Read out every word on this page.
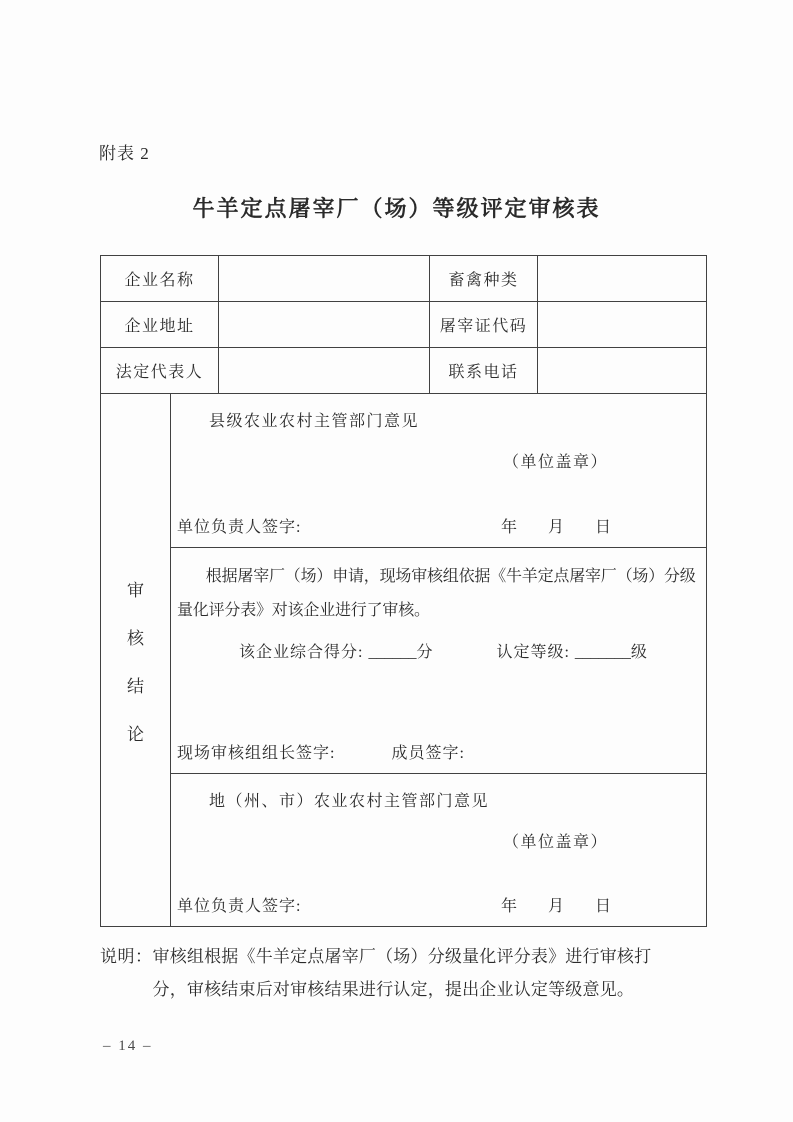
附表 2
牛羊定点屠宰厂（场）等级评定审核表
企业名称	畜禽种类
企业地址	屠宰证代码
法定代表人	联系电话
审
核
结
论
县级农业农村主管部门意见
（单位盖章）
单位负责人签字:	年      月      日

根据屠宰厂（场）申请，现场审核组依据《牛羊定点屠宰厂（场）分级量化评分表》对该企业进行了审核。

该企业综合得分: ______分	认定等级: _______级
现场审核组组长签字:	成员签字:
地（州、市）农业农村主管部门意见
（单位盖章）
单位负责人签字:	年      月      日
说明： 审核组根据《牛羊定点屠宰厂（场）分级量化评分表》进行审核打分，审核结束后对审核结果进行认定，提出企业认定等级意见。

– 14 –
